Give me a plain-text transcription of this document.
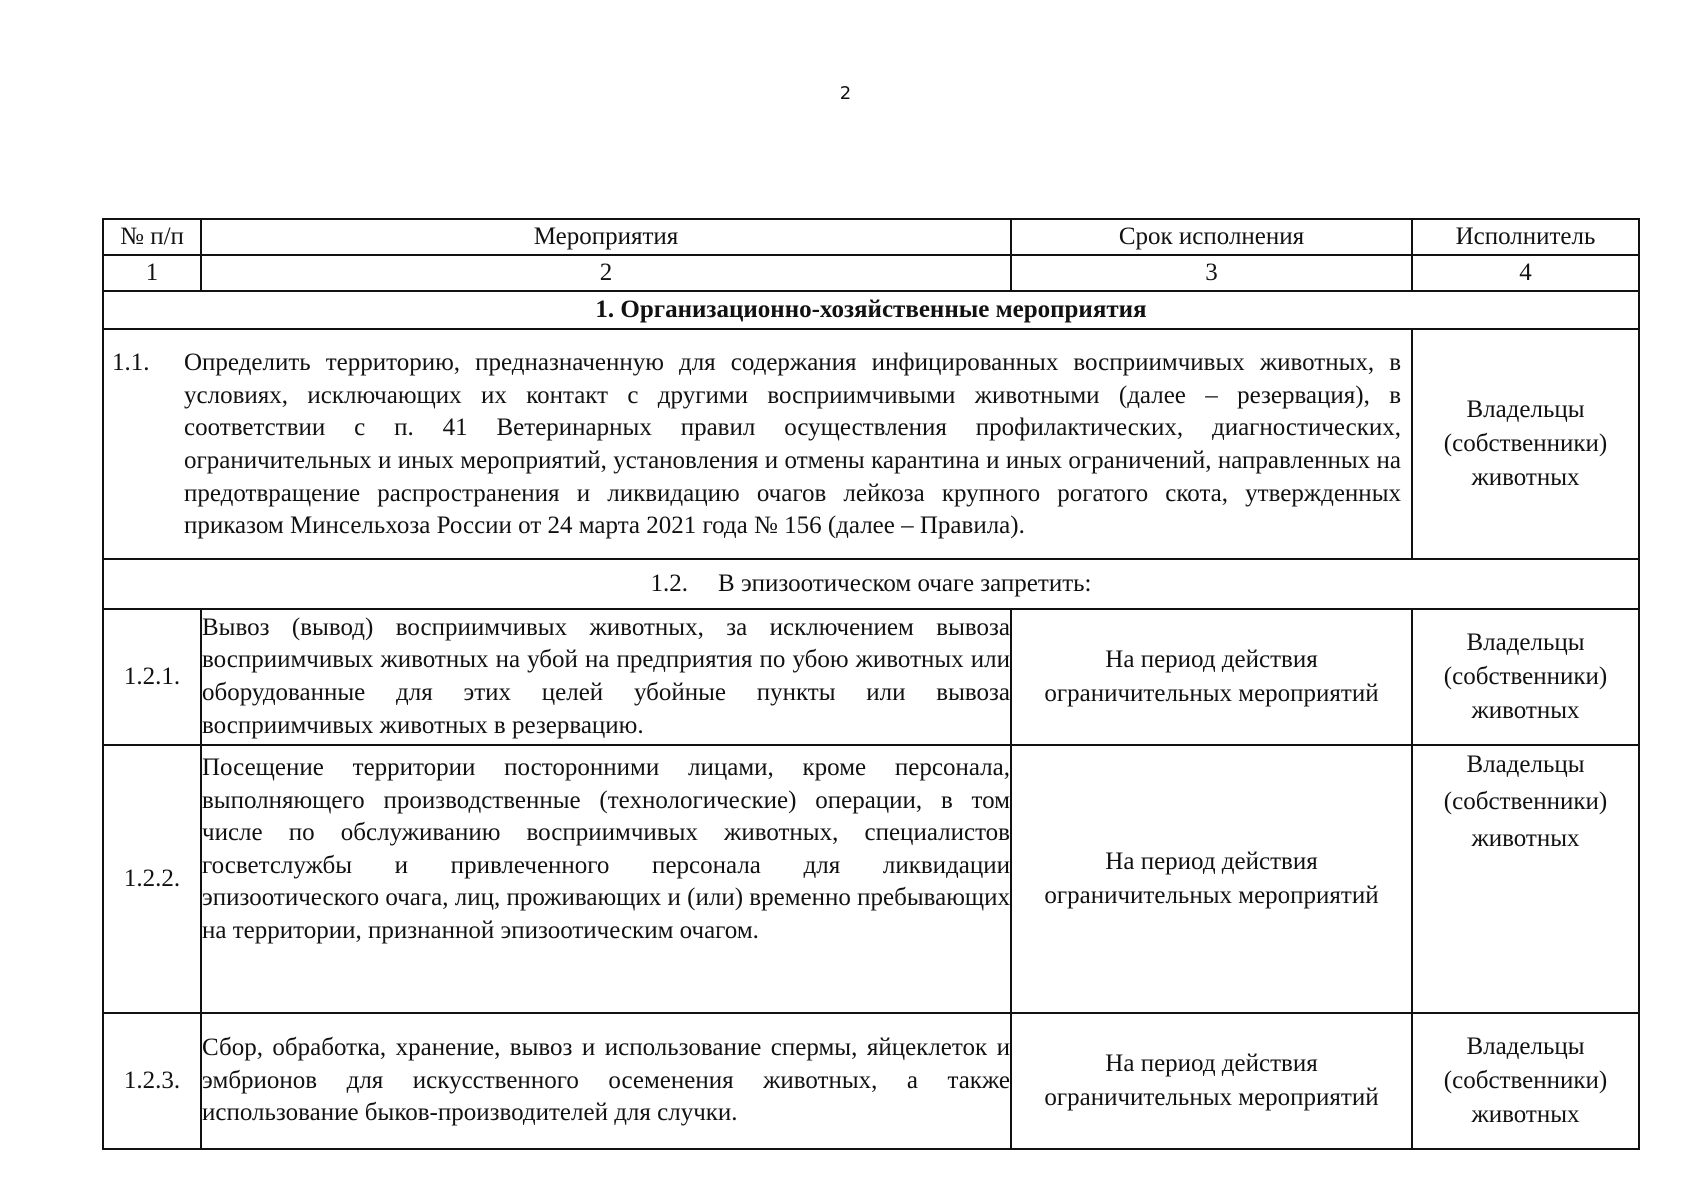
2
№ п/п	Мероприятия	Срок исполнения	Исполнитель
1	2	3	4
1. Организационно-хозяйственные мероприятия			

1.1. Определить территорию, предназначенную для содержания инфицированных восприимчивых животных, в условиях, исключающих их контакт с другими восприимчивыми животными (далее – резервация), в соответствии с п. 41 Ветеринарных правил осуществления профилактических, диагностических, ограничительных и иных мероприятий, установления и отмены карантина и иных ограничений, направленных на предотвращение распространения и ликвидацию очагов лейкоза крупного рогатого скота, утвержденных приказом Минсельхоза России от 24 марта 2021 года № 156 (далее – Правила).			Владельцы (собственники) животных
1.2. В эпизоотическом очаге запретить:			
1.2.1.	Вывоз (вывод) восприимчивых животных, за исключением вывоза восприимчивых животных на убой на предприятия по убою животных или оборудованные для этих целей убойные пункты или вывоза восприимчивых животных в резервацию.	На период действия ограничительных мероприятий	Владельцы (собственники) животных
1.2.2.	Посещение территории посторонними лицами, кроме персонала, выполняющего производственные (технологические) операции, в том числе по обслуживанию восприимчивых животных, специалистов госветслужбы и привлеченного персонала для ликвидации эпизоотического очага, лиц, проживающих и (или) временно пребывающих на территории, признанной эпизоотическим очагом.	На период действия ограничительных мероприятий	Владельцы (собственники) животных
1.2.3.	Сбор, обработка, хранение, вывоз и использование спермы, яйцеклеток и эмбрионов для искусственного осеменения животных, а также использование быков-производителей для случки.	На период действия ограничительных мероприятий	Владельцы (собственники) животных
